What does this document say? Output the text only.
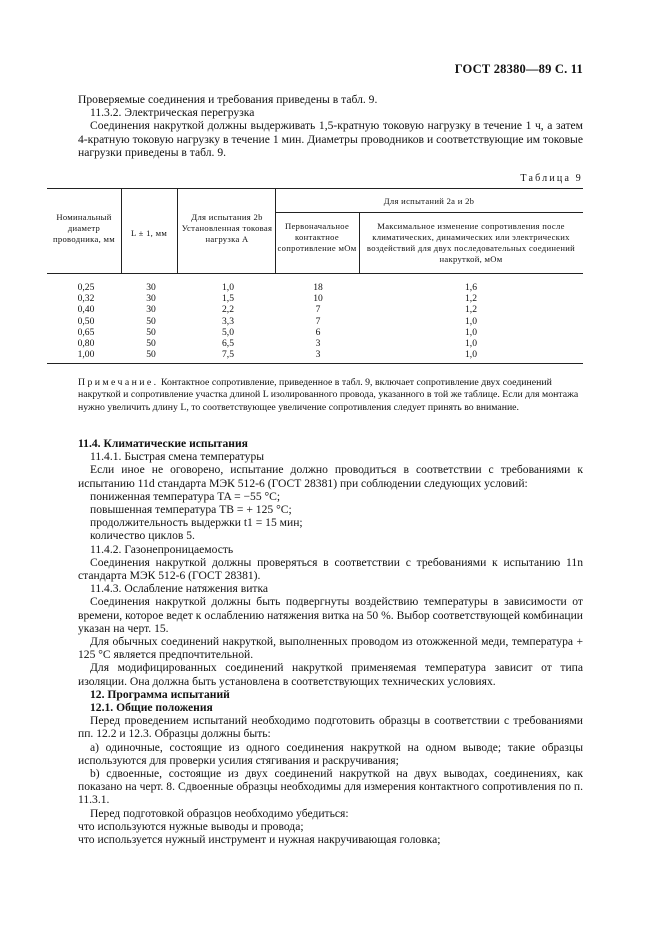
ГОСТ 28380—89 С. 11

Проверяемые соединения и требования приведены в табл. 9.

11.3.2. Электрическая перегрузка

Соединения накруткой должны выдерживать 1,5-кратную токовую нагрузку в течение 1 ч, а затем 4-кратную токовую нагрузку в течение 1 мин. Диаметры проводников и соответствующие им токовые нагрузки приведены в табл. 9.

Таблица 9
Номинальный диаметр проводника, мм
L ± 1, мм
Для испытания 2b Установленная токовая нагрузка А
Для испытаний 2а и 2b
Первоначальное контактное сопротивление мОм
Максимальное изменение сопротивления после климатических, динамических или электрических воздействий для двух последовательных соединений накруткой, мОм
0,25
0,32
0,40
0,50
0,65
0,80
1,00
30
30
30
50
50
50
50
1,0
1,5
2,2
3,3
5,0
6,5
7,5
18
10
7
7
6
3
3
1,6
1,2
1,2
1,0
1,0
1,0
1,0
Примечание. Контактное сопротивление, приведенное в табл. 9, включает сопротивление двух соединений накруткой и сопротивление участка длиной L изолированного провода, указанного в той же таблице. Если для монтажа нужно увеличить длину L, то соответствующее увеличение сопротивления следует принять во внимание.

11.4. Климатические испытания

11.4.1. Быстрая смена температуры

Если иное не оговорено, испытание должно проводиться в соответствии с требованиями к испытанию 11d стандарта МЭК 512-6 (ГОСТ 28381) при соблюдении следующих условий:

пониженная температура TA = −55 °C;

повышенная температура TB = + 125 °C;

продолжительность выдержки t1 = 15 мин;

количество циклов 5.

11.4.2. Газонепроницаемость

Соединения накруткой должны проверяться в соответствии с требованиями к испытанию 11n стандарта МЭК 512-6 (ГОСТ 28381).

11.4.3. Ослабление натяжения витка

Соединения накруткой должны быть подвергнуты воздействию температуры в зависимости от времени, которое ведет к ослаблению натяжения витка на 50 %. Выбор соответствующей комбинации указан на черт. 15.

Для обычных соединений накруткой, выполненных проводом из отожженной меди, температура + 125 °C является предпочтительной.

Для модифицированных соединений накруткой применяемая температура зависит от типа изоляции. Она должна быть установлена в соответствующих технических условиях.

12. Программа испытаний

12.1. Общие положения

Перед проведением испытаний необходимо подготовить образцы в соответствии с требованиями пп. 12.2 и 12.3. Образцы должны быть:

а) одиночные, состоящие из одного соединения накруткой на одном выводе; такие образцы используются для проверки усилия стягивания и раскручивания;

b) сдвоенные, состоящие из двух соединений накруткой на двух выводах, соединениях, как показано на черт. 8. Сдвоенные образцы необходимы для измерения контактного сопротивления по п. 11.3.1.

Перед подготовкой образцов необходимо убедиться:

что используются нужные выводы и провода;

что используется нужный инструмент и нужная накручивающая головка;
